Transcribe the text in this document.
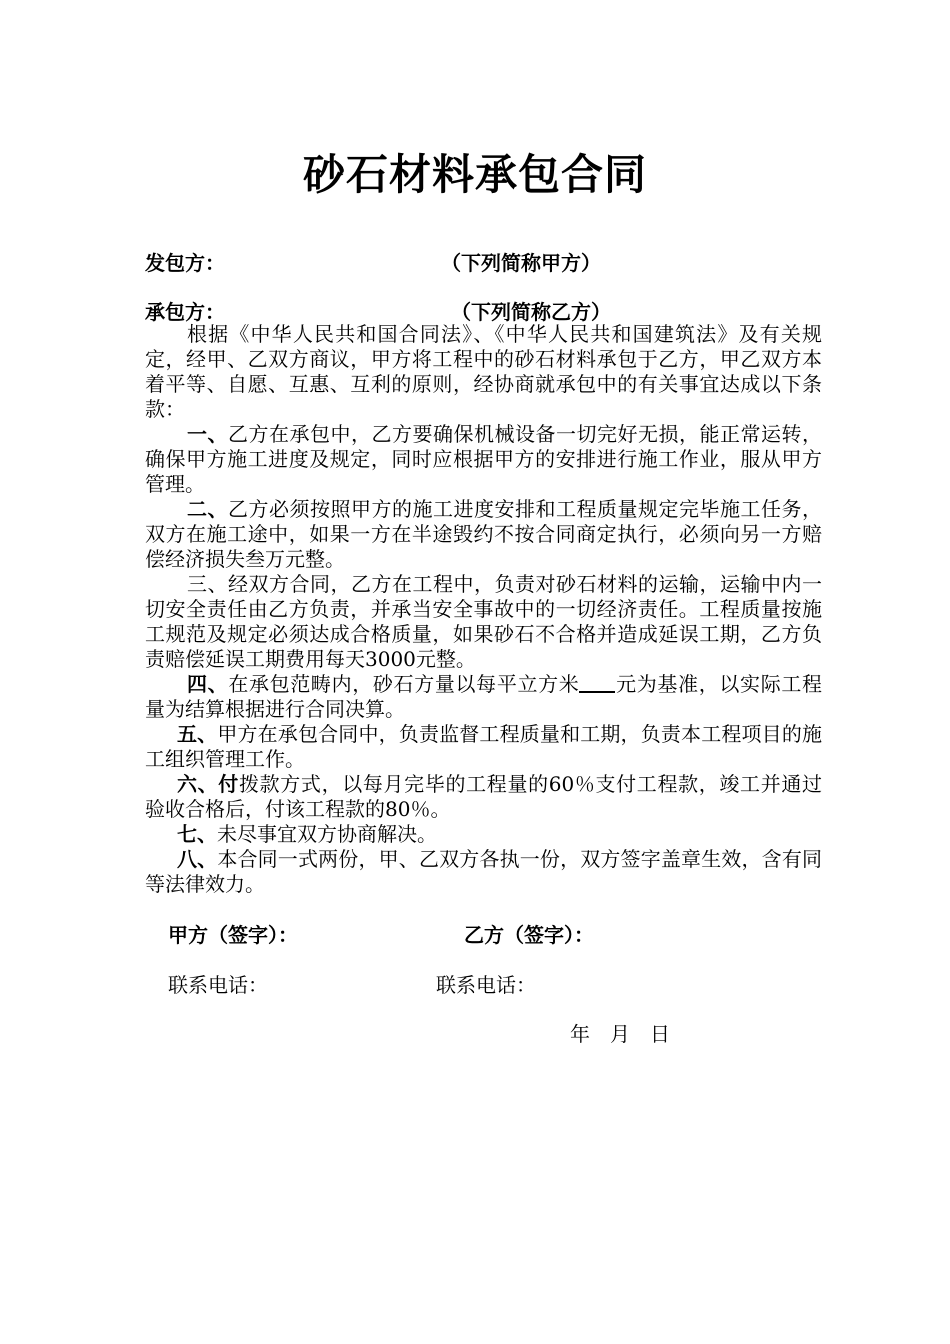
砂石材料承包合同
发包方：	（下列简称甲方）
承包方：	（下列简称乙方）

根据《中华人民共和国合同法》、《中华人民共和国建筑法》及有关规定，经甲、乙双方商议，甲方将工程中的砂石材料承包于乙方，甲乙双方本着平等、自愿、互惠、互利的原则，经协商就承包中的有关事宜达成以下条款：

一、乙方在承包中，乙方要确保机械设备一切完好无损，能正常运转，确保甲方施工进度及规定，同时应根据甲方的安排进行施工作业，服从甲方管理。

二、乙方必须按照甲方的施工进度安排和工程质量规定完毕施工任务，双方在施工途中，如果一方在半途毁约不按合同商定执行，必须向另一方赔偿经济损失叁万元整。

三、经双方合同，乙方在工程中，负责对砂石材料的运输，运输中内一切安全责任由乙方负责，并承当安全事故中的一切经济责任。工程质量按施工规范及规定必须达成合格质量，如果砂石不合格并造成延误工期，乙方负责赔偿延误工期费用每天3000元整。

四、在承包范畴内，砂石方量以每平立方米 元为基准，以实际工程量为结算根据进行合同决算。

五、甲方在承包合同中，负责监督工程质量和工期，负责本工程项目的施工组织管理工作。

六、付拨款方式，以每月完毕的工程量的60％支付工程款，竣工并通过验收合格后，付该工程款的80％。

七、未尽事宜双方协商解决。

八、本合同一式两份，甲、乙双方各执一份，双方签字盖章生效，含有同等法律效力。

甲方（签字）：	乙方（签字）：
联系电话：	联系电话：
年　月　日
